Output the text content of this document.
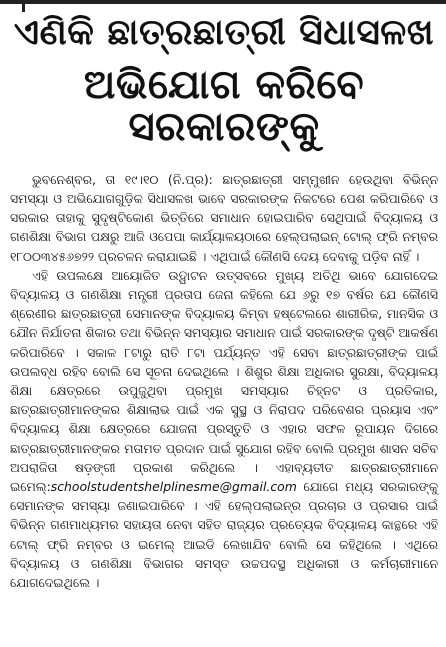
ଏଣିକି ଛାତ୍ରଛାତ୍ରୀ ସିଧାସଳଖ
ଅଭିଯୋଗ କରିବେ ସରକାରଙ୍କୁ

ଭୁବନେଶ୍ବର, ତା ୧୯।୧୦ (ନି.ପ୍ର): ଛାତ୍ରଛାତ୍ରୀ ସମ୍ମୁଖୀନ ହେଉଥିବା ବିଭିନ୍ନ ସମସ୍ୟା ଓ ଅଭିଯୋଗଗୁଡ଼ିକ ସିଧାସଳଖ ଭାବେ ସରକାରଙ୍କ ନିକଟରେ ପେଶ କରିପାରିବେ ଓ ସରକାର ତାହାକୁ ସୁଦୃଷ୍ଟିକୋଣ ଭିତ୍ତିରେ ସମାଧାନ ହୋଇପାରିବ ସେଥିପାଇଁ ବିଦ୍ୟାଳୟ ଓ ଗଣଶିକ୍ଷା ବିଭାଗ ପକ୍ଷରୁ ଆଜି ଓପେପା କାର୍ଯ୍ୟାଳୟଠାରେ ହେଲ୍ପଲାଇନ୍ ଟୋଲ୍ ଫ୍ରି ନମ୍ବର ୧୮୦୦୩୪୫୬୭୨୨ ପ୍ରଚଳନ କରାଯାଇଛି । ଏଥିପାଇଁ କୌଣସି ଦେୟ ଦେବାକୁ ପଡ଼ିବ ନାହିଁ ।

ଏହି ଉପଲକ୍ଷେ ଆୟୋଜିତ ଉଦ୍ଘାଟନ ଉତ୍ସବରେ ମୁଖ୍ୟ ଅତିଥି ଭାବେ ଯୋଗଦେଇ ବିଦ୍ୟାଳୟ ଓ ଗଣଶିକ୍ଷା ମନ୍ତ୍ରୀ ପ୍ରତାପ ଜେନା କହିଲେ ଯେ ୬ରୁ ୧୭ ବର୍ଷର ଯେ କୌଣସି ଶ୍ରେଣୀର ଛାତ୍ରଛାତ୍ରୀ ସେମାନଙ୍କ ବିଦ୍ୟାଳୟ କିମ୍ବା ହଷ୍ଟେଲରେ ଶାରୀରିକ, ମାନସିକ ଓ ଯୌନ ନିର୍ଯାତନା ଶିକାର ତଥା ବିଭିନ୍ନ ସମସ୍ୟାର ସମାଧାନ ପାଇଁ ସରକାରଙ୍କ ଦୃଷ୍ଟି ଆକର୍ଷଣ କରିପାରିବେ । ସକାଳ ୮ଟାରୁ ରାତି ୮ଟା ପର୍ଯ୍ୟନ୍ତ ଏହି ସେବା ଛାତ୍ରଛାତ୍ରୀଙ୍କ ପାଇଁ ଉପଲବ୍ଧ ରହିବ ବୋଲି ସେ ସୂଚନା ଦେଇଥିଲେ । ଶିଶୁର ଶିକ୍ଷା ଅଧିକାର ସୁରକ୍ଷା, ବିଦ୍ୟାଳୟ ଶିକ୍ଷା କ୍ଷେତ୍ରରେ ଉପୁଜୁଥିବା ପ୍ରମୁଖ ସମସ୍ୟାର ଚିହ୍ନଟ ଓ ପ୍ରତିକାର, ଛାତ୍ରଛାତ୍ରୀମାନଙ୍କର ଶିକ୍ଷାଲାଭ ପାଇଁ ଏକ ସୁସ୍ଥ ଓ ନିରାପଦ ପରିବେଶର ପ୍ରୟାସ ଏବଂ ବିଦ୍ୟାଳୟ ଶିକ୍ଷା କ୍ଷେତ୍ରରେ ଯୋଜନା ପ୍ରସ୍ତୁତି ଓ ଏହାର ସଫଳ ରୂପାୟନ ଦିଗରେ ଛାତ୍ରଛାତ୍ରୀମାନଙ୍କର ମତାମତ ପ୍ରଦାନ ପାଇଁ ସୁଯୋଗ ରହିବ ବୋଲି ପ୍ରମୁଖ ଶାସନ ସଚିବ ଅପରାଜିତା ଷଡ଼ଙ୍ଗୀ ପ୍ରକାଶ କରିଥିଲେ । ଏହାବ୍ୟତୀତ ଛାତ୍ରଛାତ୍ରୀମାନେ ଇମେଲ୍:schoolstudentshelplinesme@gmail.com ଯୋଗେ ମଧ୍ୟ ସରକାରଙ୍କୁ ସେମାନଙ୍କ ସମସ୍ୟା ଜଣାଇପାରିବେ । ଏହି ହେଲ୍ପଲାଇନ୍‌ର ପ୍ରଚାର ଓ ପ୍ରସାର ପାଇଁ ବିଭିନ୍ନ ଗଣମାଧ୍ୟମର ସହାୟତା ନେବା ସହିତ ରାଜ୍ୟର ପ୍ରତ୍ୟେକ ବିଦ୍ୟାଳୟ କାନ୍ଥରେ ଏହି ଟୋଲ୍ ଫ୍ରି ନମ୍ବର ଓ ଇମେଲ୍ ଆଇଡି ଲେଖାଯିବ ବୋଲି ସେ କହିଥିଲେ । ଏଥିରେ ବିଦ୍ୟାଳୟ ଓ ଗଣଶିକ୍ଷା ବିଭାଗର ସମସ୍ତ ଉଚ୍ଚପଦସ୍ଥ ଅଧିକାରୀ ଓ କର୍ମଚାରୀମାନେ ଯୋଗଦେଇଥିଲେ ।
